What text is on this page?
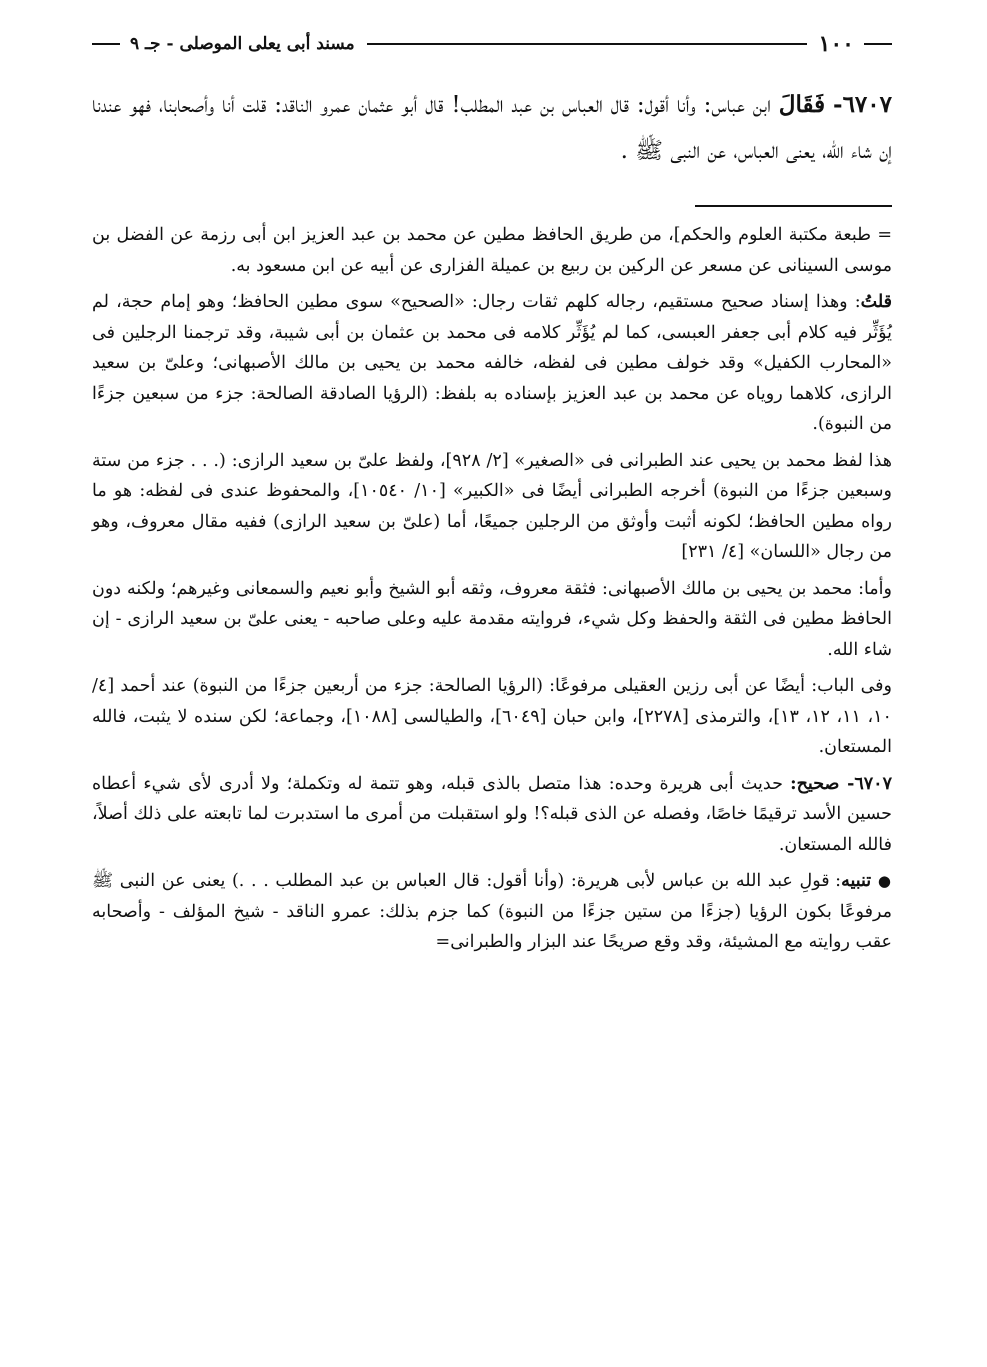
١٠٠
مسند أبى يعلى الموصلى - جـ ٩
٦٧٠٧- فَقَالَ ابن عباس: وأنا أقول: قال العباس بن عبد المطلب! قال أبو عثمان عمرو الناقد: قلت أنا وأصحابنا، فهو عندنا إن شاء الله، يعنى العباس، عن النبى ﷺ .

= طبعة مكتبة العلوم والحكم]، من طريق الحافظ مطين عن محمد بن عبد العزيز ابن أبى رزمة عن الفضل بن موسى السينانى عن مسعر عن الركين بن ربيع بن عميلة الفزارى عن أبيه عن ابن مسعود به.

قلتُ: وهذا إسناد صحيح مستقيم، رجاله كلهم ثقات رجال: «الصحيح» سوى مطين الحافظ؛ وهو إمام حجة، لم يُؤَثِّر فيه كلام أبى جعفر العبسى، كما لم يُؤَثِّر كلامه فى محمد بن عثمان بن أبى شيبة، وقد ترجمنا الرجلين فى «المحارب الكفيل» وقد خولف مطين فى لفظه، خالفه محمد بن يحيى بن مالك الأصبهانى؛ وعلىّ بن سعيد الرازى، كلاهما روياه عن محمد بن عبد العزيز بإسناده به بلفظ: (الرؤيا الصادقة الصالحة: جزء من سبعين جزءًا من النبوة).

هذا لفظ محمد بن يحيى عند الطبرانى فى «الصغير» [٢/ ٩٢٨]، ولفظ علىّ بن سعيد الرازى: (. . . جزء من ستة وسبعين جزءًا من النبوة) أخرجه الطبرانى أيضًا فى «الكبير» [١٠/ ١٠٥٤٠]، والمحفوظ عندى فى لفظه: هو ما رواه مطين الحافظ؛ لكونه أثبت وأوثق من الرجلين جميعًا، أما (علىّ بن سعيد الرازى) ففيه مقال معروف، وهو من رجال «اللسان» [٤/ ٢٣١]

وأما: محمد بن يحيى بن مالك الأصبهانى: فثقة معروف، وثقه أبو الشيخ وأبو نعيم والسمعانى وغيرهم؛ ولكنه دون الحافظ مطين فى الثقة والحفظ وكل شيء، فروايته مقدمة عليه وعلى صاحبه - يعنى علىّ بن سعيد الرازى - إن شاء الله.

وفى الباب: أيضًا عن أبى رزين العقيلى مرفوعًا: (الرؤيا الصالحة: جزء من أربعين جزءًا من النبوة) عند أحمد [٤/ ١٠، ١١، ١٢، ١٣]، والترمذى [٢٢٧٨]، وابن حبان [٦٠٤٩]، والطيالسى [١٠٨٨]، وجماعة؛ لكن سنده لا يثبت، فالله المستعان.

٦٧٠٧- صحيح: حديث أبى هريرة وحده: هذا متصل بالذى قبله، وهو تتمة له وتكملة؛ ولا أدرى لأى شيء أعطاه حسين الأسد ترقيمًا خاصًا، وفصله عن الذى قبله؟! ولو استقبلت من أمرى ما استدبرت لما تابعته على ذلك أصلاً، فالله المستعان.

● تنبيه: قولِ عبد الله بن عباس لأبى هريرة: (وأنا أقول: قال العباس بن عبد المطلب . . .) يعنى عن النبى ﷺ مرفوعًا بكون الرؤيا (جزءًا من ستين جزءًا من النبوة) كما جزم بذلك: عمرو الناقد - شيخ المؤلف - وأصحابه عقب روايته مع المشيئة، وقد وقع صريحًا عند البزار والطبرانى=
